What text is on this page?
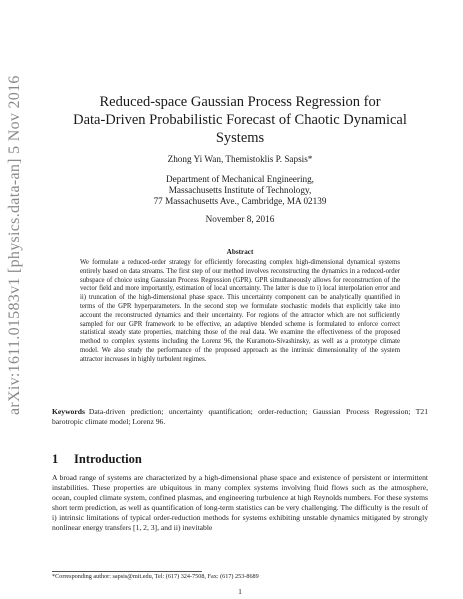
arXiv:1611.01583v1 [physics.data-an] 5 Nov 2016	Reduced-space Gaussian Process Regression for
Data-Driven Probabilistic Forecast of Chaotic Dynamical
Systems
Zhong Yi Wan, Themistoklis P. Sapsis*
Department of Mechanical Engineering,
Massachusetts Institute of Technology,
77 Massachusetts Ave., Cambridge, MA 02139
November 8, 2016
Abstract
We formulate a reduced-order strategy for efficiently forecasting complex high-dimensional dynamical systems entirely based on data streams. The first step of our method involves reconstructing the dynamics in a reduced-order subspace of choice using Gaussian Process Regression (GPR). GPR simultaneously allows for reconstruction of the vector field and more importantly, estimation of local uncertainty. The latter is due to i) local interpolation error and ii) truncation of the high-dimensional phase space. This uncertainty component can be analytically quantified in terms of the GPR hyperparameters. In the second step we formulate stochastic models that explicitly take into account the reconstructed dynamics and their uncertainty. For regions of the attractor which are not sufficiently sampled for our GPR framework to be effective, an adaptive blended scheme is formulated to enforce correct statistical steady state properties, matching those of the real data. We examine the effectiveness of the proposed method to complex systems including the Lorenz 96, the Kuramoto-Sivashinsky, as well as a prototype climate model. We also study the performance of the proposed approach as the intrinsic dimensionality of the system attractor increases in highly turbulent regimes.
Keywords Data-driven prediction; uncertainty quantification; order-reduction; Gaussian Process Regression; T21 barotropic climate model; Lorenz 96.
1 Introduction
A broad range of systems are characterized by a high-dimensional phase space and existence of persistent or intermittent instabilities. These properties are ubiquitous in many complex systems involving fluid flows such as the atmosphere, ocean, coupled climate system, confined plasmas, and engineering turbulence at high Reynolds numbers. For these systems short term prediction, as well as quantification of long-term statistics can be very challenging. The difficulty is the result of i) intrinsic limitations of typical order-reduction methods for systems exhibiting unstable dynamics mitigated by strongly nonlinear energy transfers [1, 2, 3], and ii) inevitable
*Corresponding author: sapsis@mit.edu, Tel: (617) 324-7508, Fax: (617) 253-8689
1
